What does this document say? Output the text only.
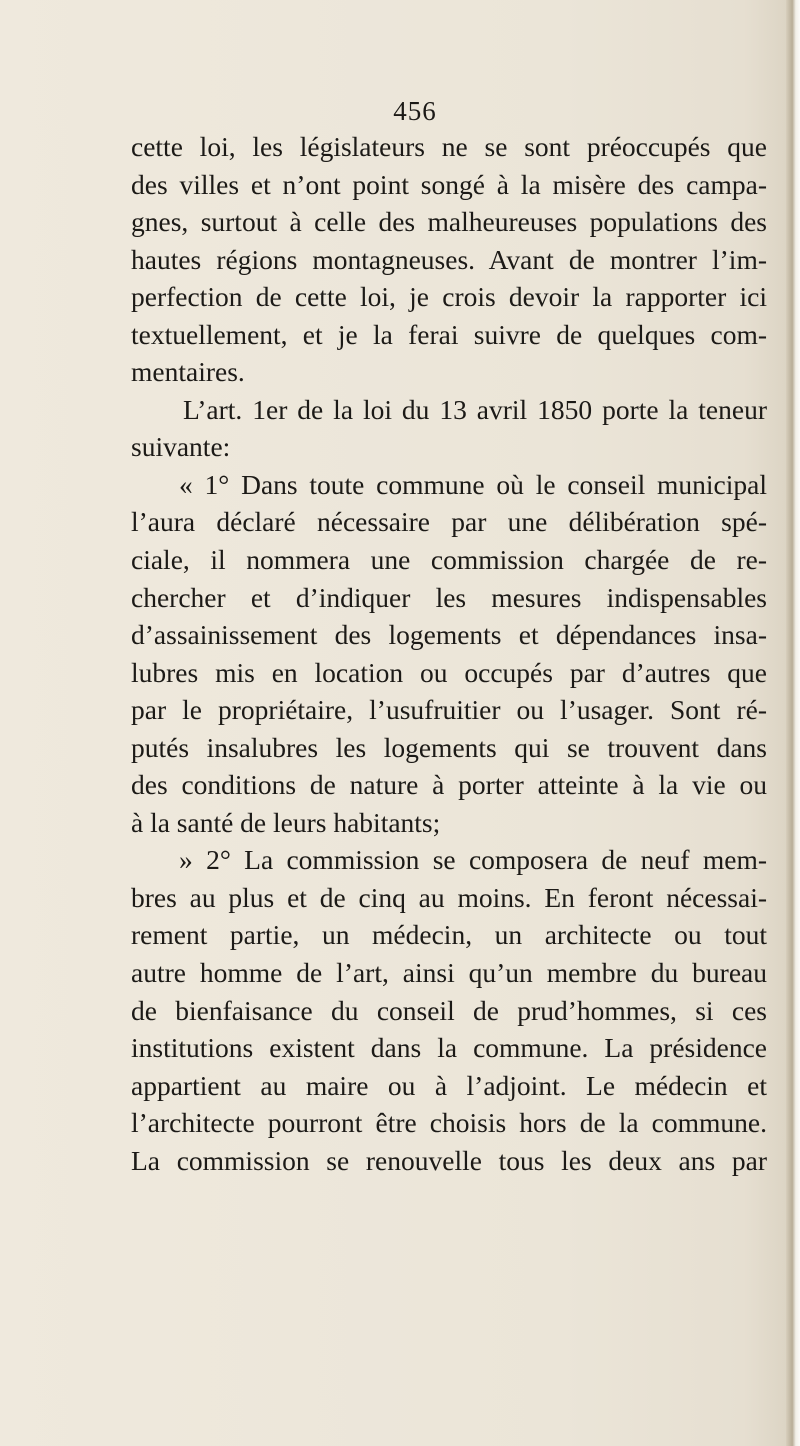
456
cette loi, les législateurs ne se sont préoccupés que
des villes et n’ont point songé à la misère des campa-
gnes, surtout à celle des malheureuses populations des
hautes régions montagneuses. Avant de montrer l’im-
perfection de cette loi, je crois devoir la rapporter ici
textuellement, et je la ferai suivre de quelques com-
mentaires.
L’art. 1er de la loi du 13 avril 1850 porte la teneur
suivante:
« 1° Dans toute commune où le conseil municipal
l’aura déclaré nécessaire par une délibération spé-
ciale, il nommera une commission chargée de re-
chercher et d’indiquer les mesures indispensables
d’assainissement des logements et dépendances insa-
lubres mis en location ou occupés par d’autres que
par le propriétaire, l’usufruitier ou l’usager. Sont ré-
putés insalubres les logements qui se trouvent dans
des conditions de nature à porter atteinte à la vie ou
à la santé de leurs habitants;
» 2° La commission se composera de neuf mem-
bres au plus et de cinq au moins. En feront nécessai-
rement partie, un médecin, un architecte ou tout
autre homme de l’art, ainsi qu’un membre du bureau
de bienfaisance du conseil de prud’hommes, si ces
institutions existent dans la commune. La présidence
appartient au maire ou à l’adjoint. Le médecin et
l’architecte pourront être choisis hors de la commune.
La commission se renouvelle tous les deux ans par
